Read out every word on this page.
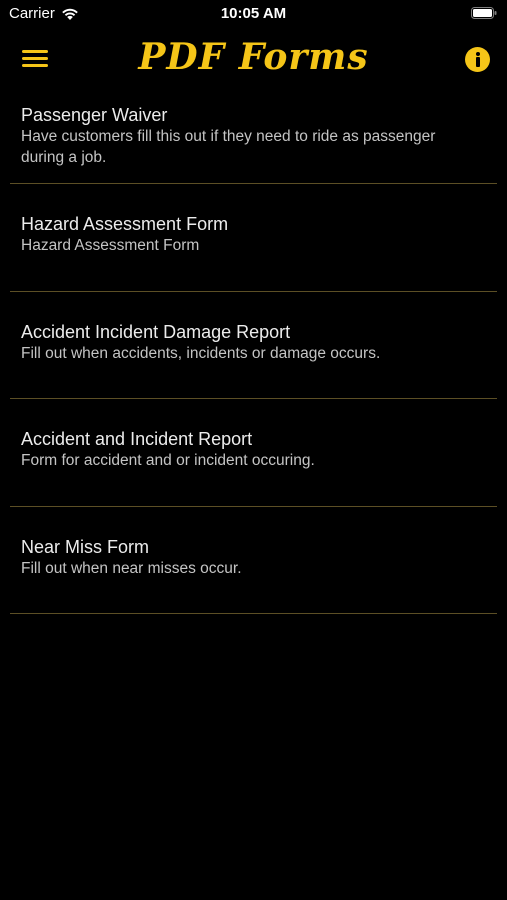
Carrier	10:05 AM
PDF Forms
Passenger Waiver
Have customers fill this out if they need to ride as passenger during a job.
Hazard Assessment Form
Hazard Assessment Form
Accident Incident Damage Report
Fill out when accidents, incidents or damage occurs.
Accident and Incident Report
Form for accident and or incident occuring.
Near Miss Form
Fill out when near misses occur.
